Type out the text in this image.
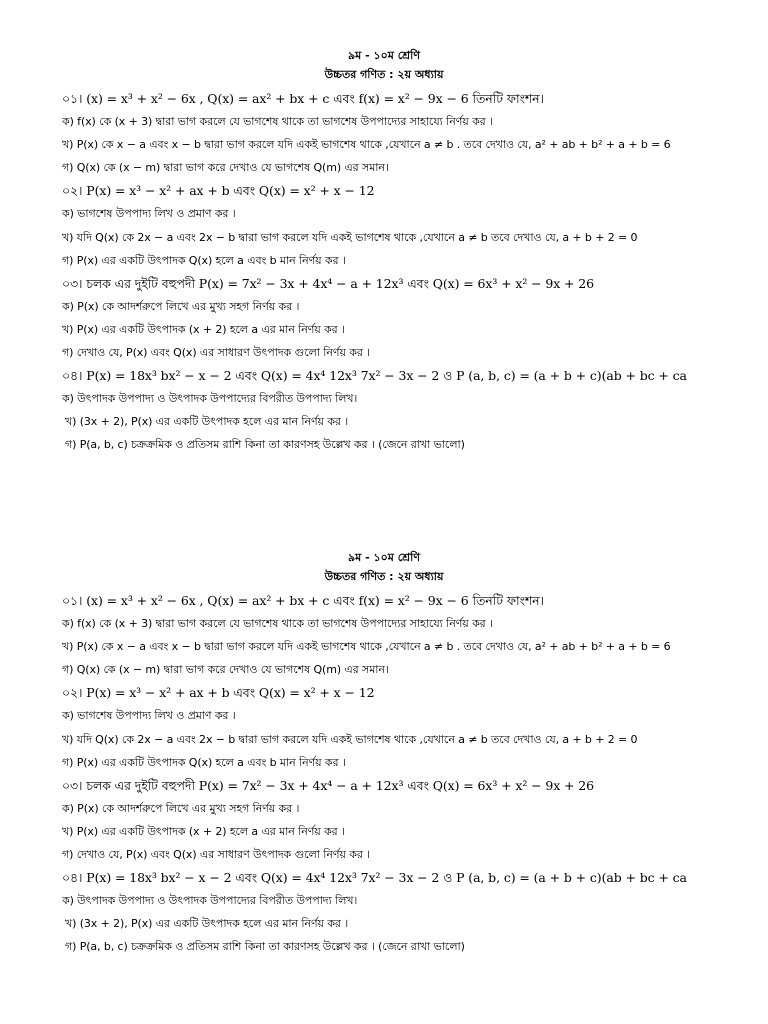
৯ম - ১০ম শ্রেণি
উচ্চতর গণিত : ২য় অধ্যায়
০১। (x) = x³ + x² − 6x , Q(x) = ax² + bx + c এবং f(x) = x² − 9x − 6 তিনটি ফাংশন।
ক) f(x) কে (x + 3) দ্বারা ভাগ করলে যে ভাগশেষ থাকে তা ভাগশেষ উপপাদ্যের সাহায্যে নির্ণয় কর ।
খ) P(x) কে x − a এবং x − b দ্বারা ভাগ করলে যদি একই ভাগশেষ থাকে ,যেখানে a ≠ b . তবে দেখাও যে, a² + ab + b² + a + b = 6
গ) Q(x) কে (x − m) দ্বারা ভাগ করে দেখাও যে ভাগশেষ Q(m) এর সমান।
০২। P(x) = x³ − x² + ax + b এবং Q(x) = x² + x − 12
ক) ভাগশেষ উপপাদ্য লিখ ও প্রমাণ কর ।
খ) যদি Q(x) কে 2x − a এবং 2x − b দ্বারা ভাগ করলে যদি একই ভাগশেষ থাকে ,যেখানে a ≠ b তবে দেখাও যে, a + b + 2 = 0
গ) P(x) এর একটি উৎপাদক Q(x) হলে a এবং b মান নির্ণয় কর ।
০৩। চলক এর দুইটি বহুপদী P(x) = 7x² − 3x + 4x⁴ − a + 12x³ এবং Q(x) = 6x³ + x² − 9x + 26
ক) P(x) কে আদর্শরুপে লিখে এর মুখ্য সহগ নির্ণয় কর ।
খ) P(x) এর একটি উৎপাদক (x + 2) হলে a এর মান নির্ণয় কর ।
গ) দেখাও যে, P(x) এবং Q(x) এর সাধারণ উৎপাদক গুলো নির্ণয় কর ।
০৪। P(x) = 18x³ bx² − x − 2 এবং Q(x) = 4x⁴ 12x³ 7x² − 3x − 2 ও P (a, b, c) = (a + b + c)(ab + bc + ca
ক) উৎপাদক উপপাদ্য ও উৎপাদক উপপাদ্যের বিপরীত উপপাদ্য লিখ।
খ) (3x + 2), P(x) এর একটি উৎপাদক হলে এর মান নির্ণয় কর ।
গ) P(a, b, c) চক্রক্রমিক ও প্রতিসম রাশি কিনা তা কারণসহ উল্লেখ কর । (জেনে রাখা ভালো)
৯ম - ১০ম শ্রেণি
উচ্চতর গণিত : ২য় অধ্যায়
০১। (x) = x³ + x² − 6x , Q(x) = ax² + bx + c এবং f(x) = x² − 9x − 6 তিনটি ফাংশন।
ক) f(x) কে (x + 3) দ্বারা ভাগ করলে যে ভাগশেষ থাকে তা ভাগশেষ উপপাদ্যের সাহায্যে নির্ণয় কর ।
খ) P(x) কে x − a এবং x − b দ্বারা ভাগ করলে যদি একই ভাগশেষ থাকে ,যেখানে a ≠ b . তবে দেখাও যে, a² + ab + b² + a + b = 6
গ) Q(x) কে (x − m) দ্বারা ভাগ করে দেখাও যে ভাগশেষ Q(m) এর সমান।
০২। P(x) = x³ − x² + ax + b এবং Q(x) = x² + x − 12
ক) ভাগশেষ উপপাদ্য লিখ ও প্রমাণ কর ।
খ) যদি Q(x) কে 2x − a এবং 2x − b দ্বারা ভাগ করলে যদি একই ভাগশেষ থাকে ,যেখানে a ≠ b তবে দেখাও যে, a + b + 2 = 0
গ) P(x) এর একটি উৎপাদক Q(x) হলে a এবং b মান নির্ণয় কর ।
০৩। চলক এর দুইটি বহুপদী P(x) = 7x² − 3x + 4x⁴ − a + 12x³ এবং Q(x) = 6x³ + x² − 9x + 26
ক) P(x) কে আদর্শরুপে লিখে এর মুখ্য সহগ নির্ণয় কর ।
খ) P(x) এর একটি উৎপাদক (x + 2) হলে a এর মান নির্ণয় কর ।
গ) দেখাও যে, P(x) এবং Q(x) এর সাধারণ উৎপাদক গুলো নির্ণয় কর ।
০৪। P(x) = 18x³ bx² − x − 2 এবং Q(x) = 4x⁴ 12x³ 7x² − 3x − 2 ও P (a, b, c) = (a + b + c)(ab + bc + ca
ক) উৎপাদক উপপাদ্য ও উৎপাদক উপপাদ্যের বিপরীত উপপাদ্য লিখ।
খ) (3x + 2), P(x) এর একটি উৎপাদক হলে এর মান নির্ণয় কর ।
গ) P(a, b, c) চক্রক্রমিক ও প্রতিসম রাশি কিনা তা কারণসহ উল্লেখ কর । (জেনে রাখা ভালো)
